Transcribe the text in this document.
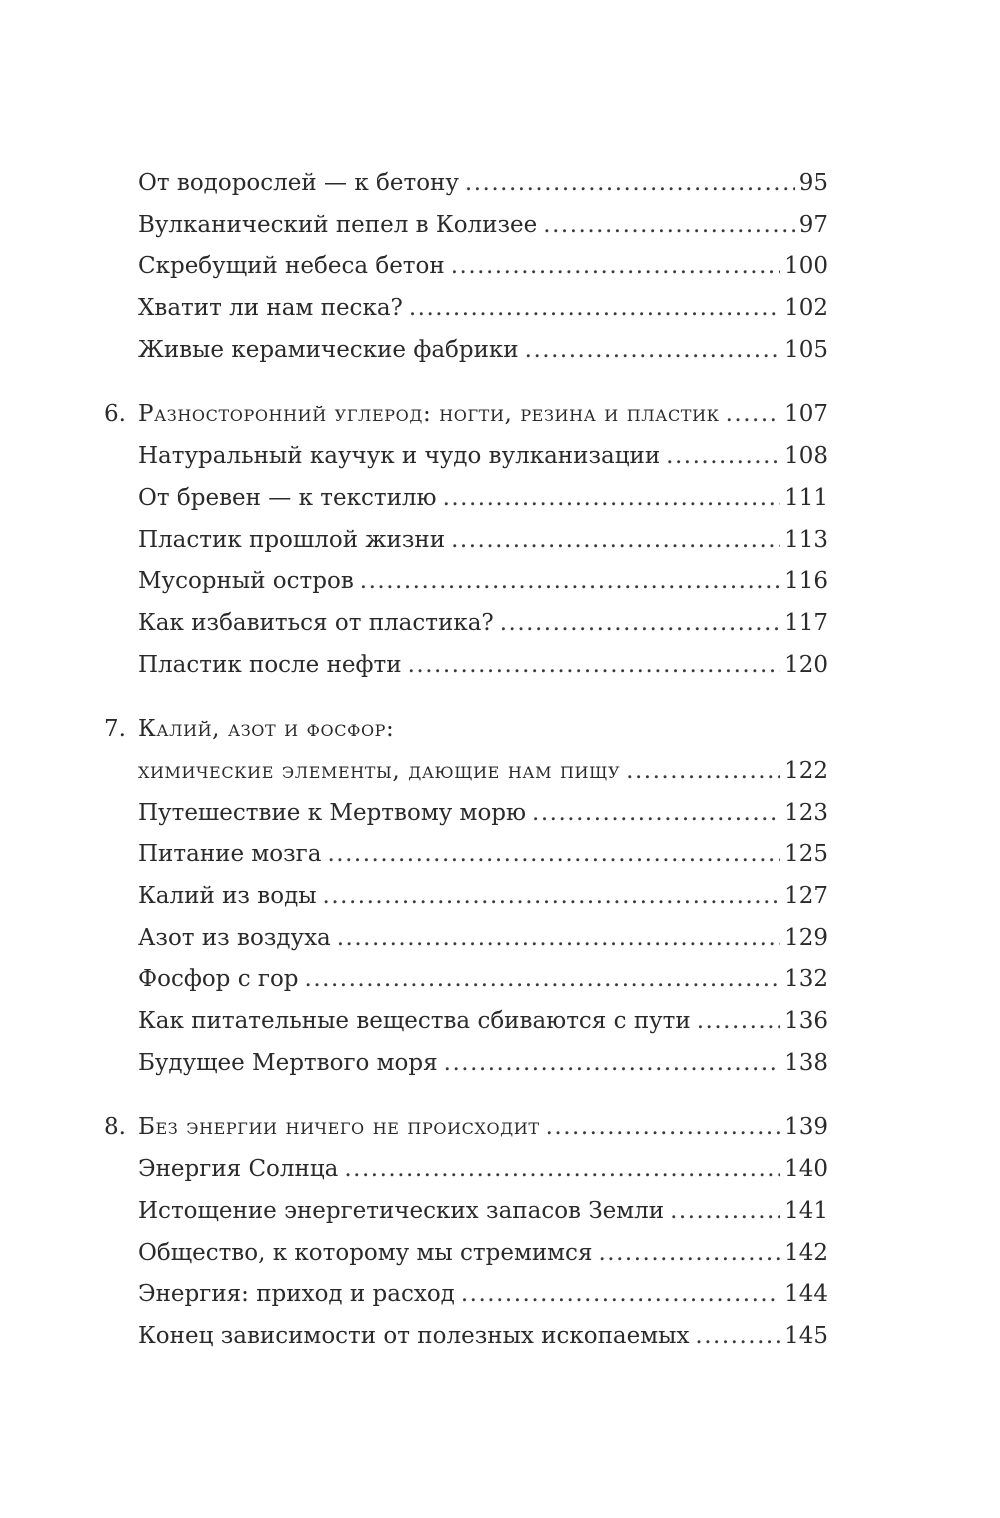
От водорослей — к бетону .....	95
Вулканический пепел в Колизее .....	97
Скребущий небеса бетон .....	100
Хватит ли нам песка? .....	102
Живые керамические фабрики .....	105
6. Разносторонний углерод: ногти, резина и пластик .....	107
Натуральный каучук и чудо вулканизации .....	108
От бревен — к текстилю .....	111
Пластик прошлой жизни .....	113
Мусорный остров .....	116
Как избавиться от пластика? .....	117
Пластик после нефти .....	120
7. Калий, азот и фосфор:
химические элементы, дающие нам пищу .....	122
Путешествие к Мертвому морю .....	123
Питание мозга .....	125
Калий из воды .....	127
Азот из воздуха .....	129
Фосфор с гор .....	132
Как питательные вещества сбиваются с пути .....	136
Будущее Мертвого моря .....	138
8. Без энергии ничего не происходит .....	139
Энергия Солнца .....	140
Истощение энергетических запасов Земли .....	141
Общество, к которому мы стремимся .....	142
Энергия: приход и расход .....	144
Конец зависимости от полезных ископаемых .....	145
